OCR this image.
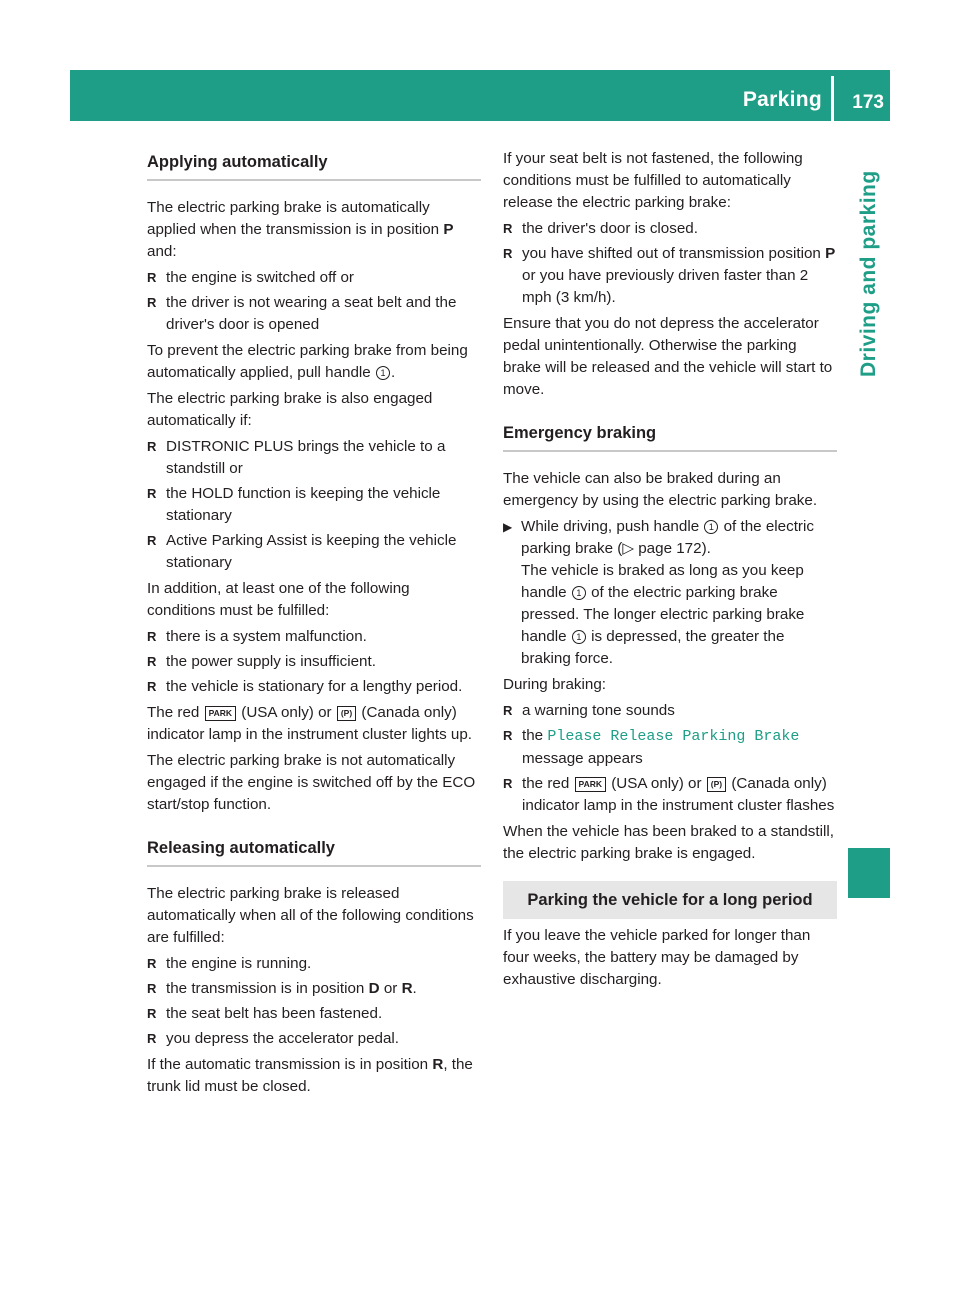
Parking 173
Driving and parking
Applying automatically

The electric parking brake is automatically applied when the transmission is in position P and:

R the engine is switched off or
R the driver is not wearing a seat belt and the driver's door is opened

To prevent the electric parking brake from being automatically applied, pull handle 1 .

The electric parking brake is also engaged automatically if:

R DISTRONIC PLUS brings the vehicle to a standstill or
R the HOLD function is keeping the vehicle stationary
R Active Parking Assist is keeping the vehicle stationary

In addition, at least one of the following conditions must be fulfilled:

R there is a system malfunction.
R the power supply is insufficient.
R the vehicle is stationary for a lengthy period.

The red PARK (USA only) or (P) (Canada only) indicator lamp in the instrument cluster lights up.

The electric parking brake is not automatically engaged if the engine is switched off by the ECO start/stop function.

Releasing automatically

The electric parking brake is released automatically when all of the following conditions are fulfilled:

R the engine is running.
R the transmission is in position D or R.
R the seat belt has been fastened.
R you depress the accelerator pedal.

If the automatic transmission is in position R, the trunk lid must be closed.

If your seat belt is not fastened, the following conditions must be fulfilled to automatically release the electric parking brake:

R the driver's door is closed.
R you have shifted out of transmission position P or you have previously driven faster than 2 mph (3 km/h).

Ensure that you do not depress the accelerator pedal unintentionally. Otherwise the parking brake will be released and the vehicle will start to move.

Emergency braking

The vehicle can also be braked during an emergency by using the electric parking brake.

▶ While driving, push handle 1 of the electric parking brake (▷ page 172).
The vehicle is braked as long as you keep handle 1 of the electric parking brake pressed. The longer electric parking brake handle 1 is depressed, the greater the braking force.

During braking:

R a warning tone sounds
R the Please Release Parking Brake
message appears
R the red PARK (USA only) or (P) (Canada only) indicator lamp in the instrument cluster flashes

When the vehicle has been braked to a standstill, the electric parking brake is engaged.

Parking the vehicle for a long period

If you leave the vehicle parked for longer than four weeks, the battery may be damaged by exhaustive discharging.
